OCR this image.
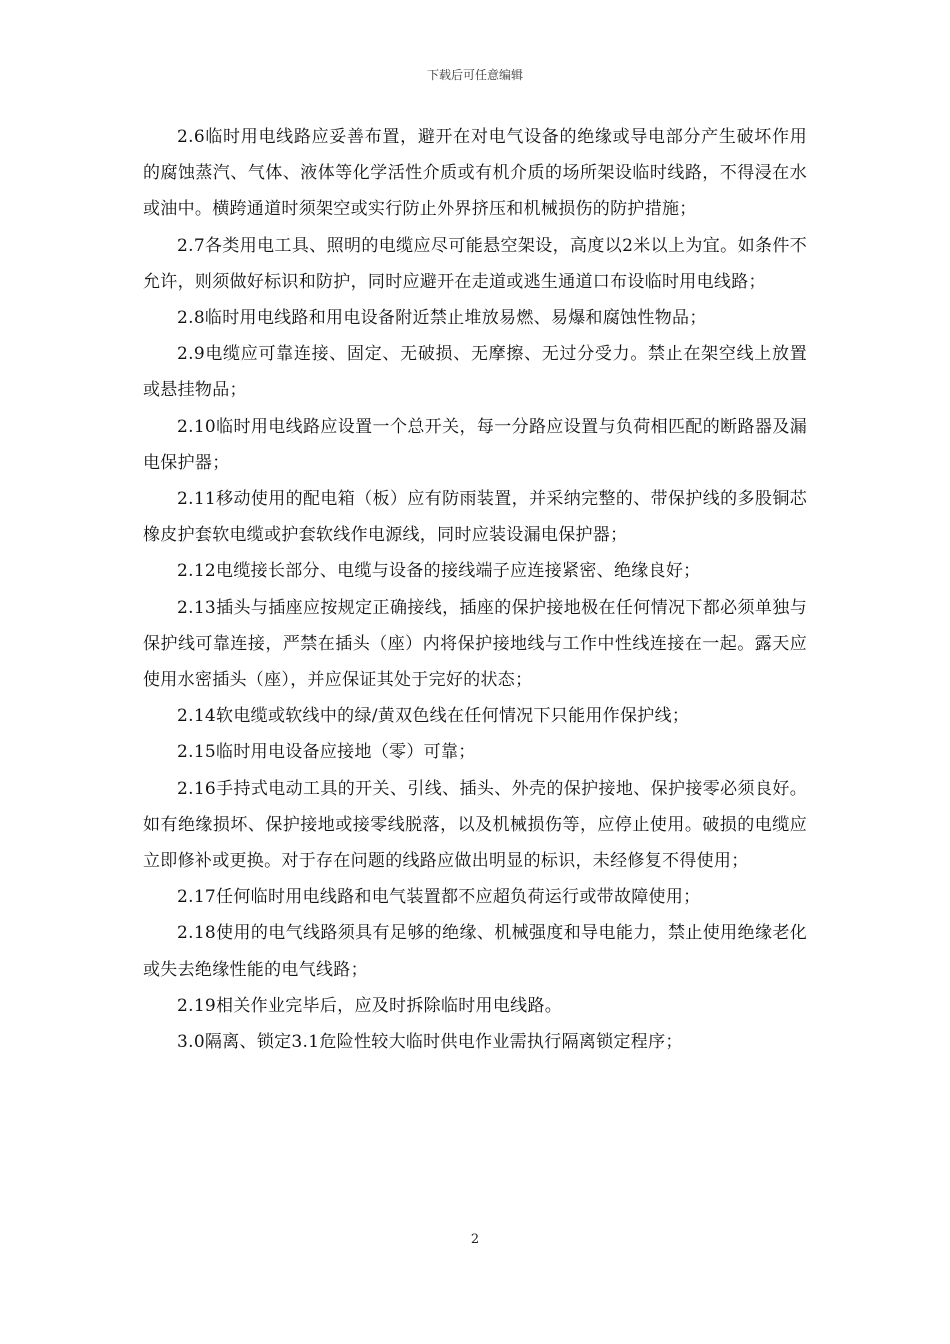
下载后可任意编辑

2.6临时用电线路应妥善布置，避开在对电气设备的绝缘或导电部分产生破坏作用的腐蚀蒸汽、气体、液体等化学活性介质或有机介质的场所架设临时线路，不得浸在水或油中。横跨通道时须架空或实行防止外界挤压和机械损伤的防护措施；

2.7各类用电工具、照明的电缆应尽可能悬空架设，高度以2米以上为宜。如条件不允许，则须做好标识和防护，同时应避开在走道或逃生通道口布设临时用电线路；

2.8临时用电线路和用电设备附近禁止堆放易燃、易爆和腐蚀性物品；

2.9电缆应可靠连接、固定、无破损、无摩擦、无过分受力。禁止在架空线上放置或悬挂物品；

2.10临时用电线路应设置一个总开关，每一分路应设置与负荷相匹配的断路器及漏电保护器；

2.11移动使用的配电箱（板）应有防雨装置，并采纳完整的、带保护线的多股铜芯橡皮护套软电缆或护套软线作电源线，同时应装设漏电保护器；

2.12电缆接长部分、电缆与设备的接线端子应连接紧密、绝缘良好；

2.13插头与插座应按规定正确接线，插座的保护接地极在任何情况下都必须单独与保护线可靠连接，严禁在插头（座）内将保护接地线与工作中性线连接在一起。露天应使用水密插头（座），并应保证其处于完好的状态；

2.14软电缆或软线中的绿/黄双色线在任何情况下只能用作保护线；

2.15临时用电设备应接地（零）可靠；

2.16手持式电动工具的开关、引线、插头、外壳的保护接地、保护接零必须良好。如有绝缘损坏、保护接地或接零线脱落，以及机械损伤等，应停止使用。破损的电缆应立即修补或更换。对于存在问题的线路应做出明显的标识，未经修复不得使用；

2.17任何临时用电线路和电气装置都不应超负荷运行或带故障使用；

2.18使用的电气线路须具有足够的绝缘、机械强度和导电能力，禁止使用绝缘老化或失去绝缘性能的电气线路；

2.19相关作业完毕后，应及时拆除临时用电线路。

3.0隔离、锁定3.1危险性较大临时供电作业需执行隔离锁定程序；

2
